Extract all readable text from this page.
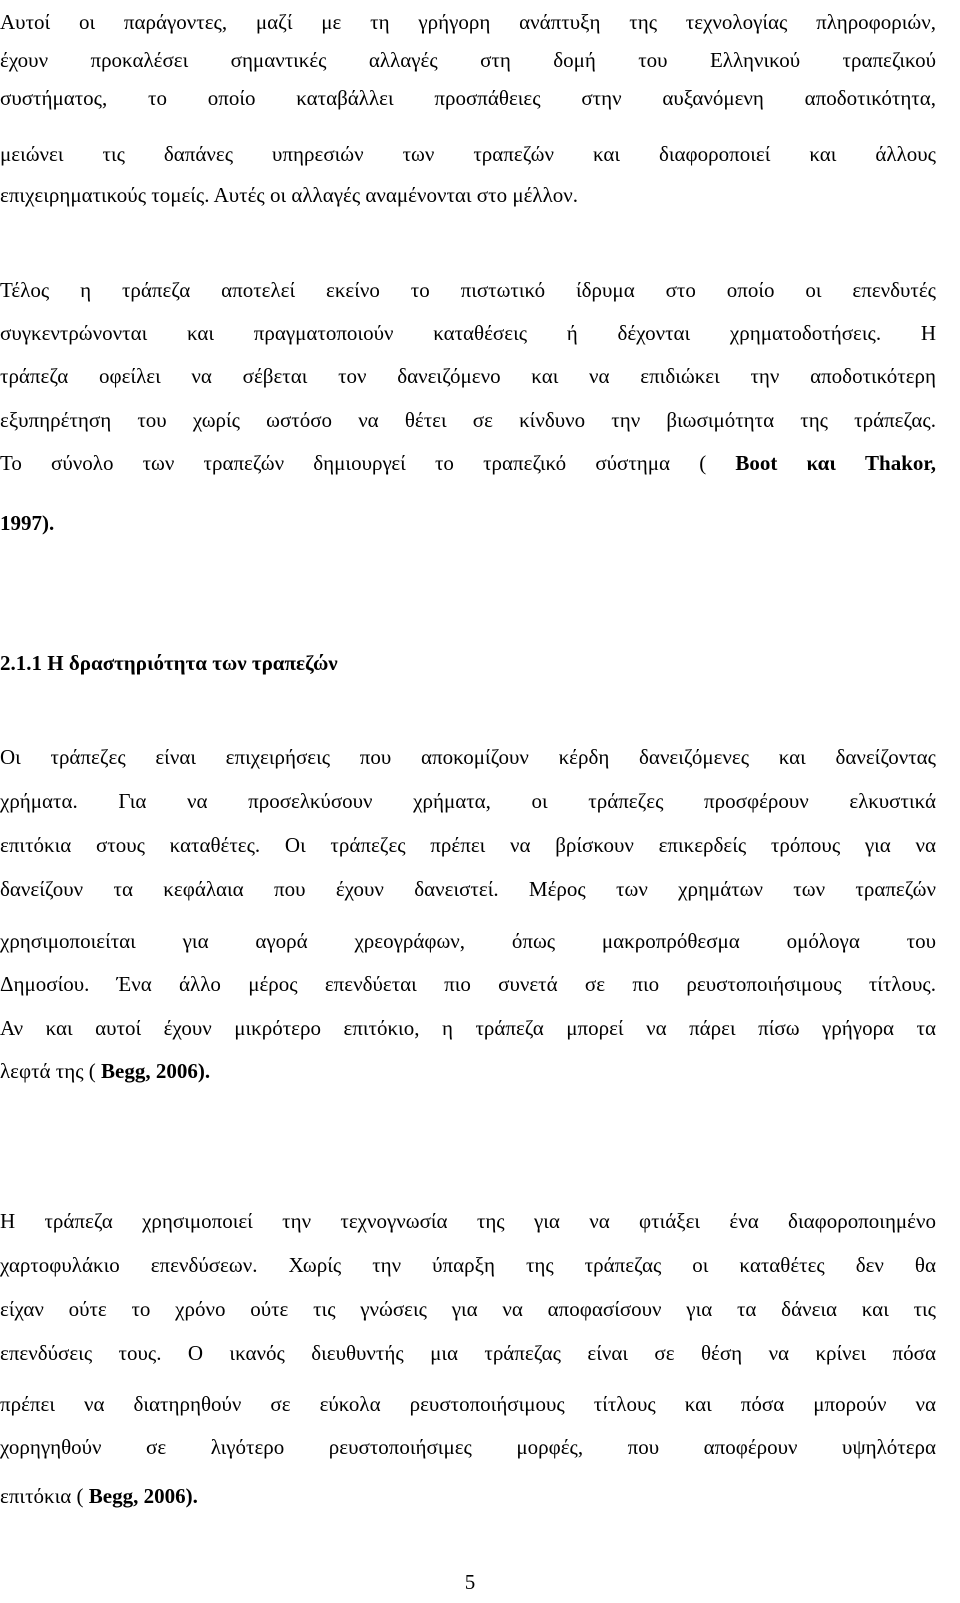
Αυτοί οι παράγοντες, μαζί με τη γρήγορη ανάπτυξη της τεχνολογίας πληροφοριών,
έχουν προκαλέσει σημαντικές αλλαγές στη δομή του Ελληνικού τραπεζικού
συστήματος, το οποίο καταβάλλει προσπάθειες στην αυξανόμενη αποδοτικότητα,
μειώνει τις δαπάνες υπηρεσιών των τραπεζών και διαφοροποιεί και άλλους
επιχειρηματικούς τομείς. Αυτές οι αλλαγές αναμένονται στο μέλλον.
Τέλος η τράπεζα αποτελεί εκείνο το πιστωτικό ίδρυμα στο οποίο οι επενδυτές
συγκεντρώνονται και πραγματοποιούν καταθέσεις ή δέχονται χρηματοδοτήσεις. Η
τράπεζα οφείλει να σέβεται τον δανειζόμενο και να επιδιώκει την αποδοτικότερη
εξυπηρέτηση του χωρίς ωστόσο να θέτει σε κίνδυνο την βιωσιμότητα της τράπεζας.
Το σύνολο των τραπεζών δημιουργεί το τραπεζικό σύστημα ( Boot και Thakor,
1997).
2.1.1 Η δραστηριότητα των τραπεζών
Οι τράπεζες είναι επιχειρήσεις που αποκομίζουν κέρδη δανειζόμενες και δανείζοντας
χρήματα. Για να προσελκύσουν χρήματα, οι τράπεζες προσφέρουν ελκυστικά
επιτόκια στους καταθέτες. Οι τράπεζες πρέπει να βρίσκουν επικερδείς τρόπους για να
δανείζουν τα κεφάλαια που έχουν δανειστεί. Μέρος των χρημάτων των τραπεζών
χρησιμοποιείται για αγορά χρεογράφων, όπως μακροπρόθεσμα ομόλογα του
Δημοσίου. Ένα άλλο μέρος επενδύεται πιο συνετά σε πιο ρευστοποιήσιμους τίτλους.
Αν και αυτοί έχουν μικρότερο επιτόκιο, η τράπεζα μπορεί να πάρει πίσω γρήγορα τα
λεφτά της ( Begg, 2006).
Η τράπεζα χρησιμοποιεί την τεχνογνωσία της για να φτιάξει ένα διαφοροποιημένο
χαρτοφυλάκιο επενδύσεων. Χωρίς την ύπαρξη της τράπεζας οι καταθέτες δεν θα
είχαν ούτε το χρόνο ούτε τις γνώσεις για να αποφασίσουν για τα δάνεια και τις
επενδύσεις τους. Ο ικανός διευθυντής μια τράπεζας είναι σε θέση να κρίνει πόσα
πρέπει να διατηρηθούν σε εύκολα ρευστοποιήσιμους τίτλους και πόσα μπορούν να
χορηγηθούν σε λιγότερο ρευστοποιήσιμες μορφές, που αποφέρουν υψηλότερα
επιτόκια ( Begg, 2006).
5
